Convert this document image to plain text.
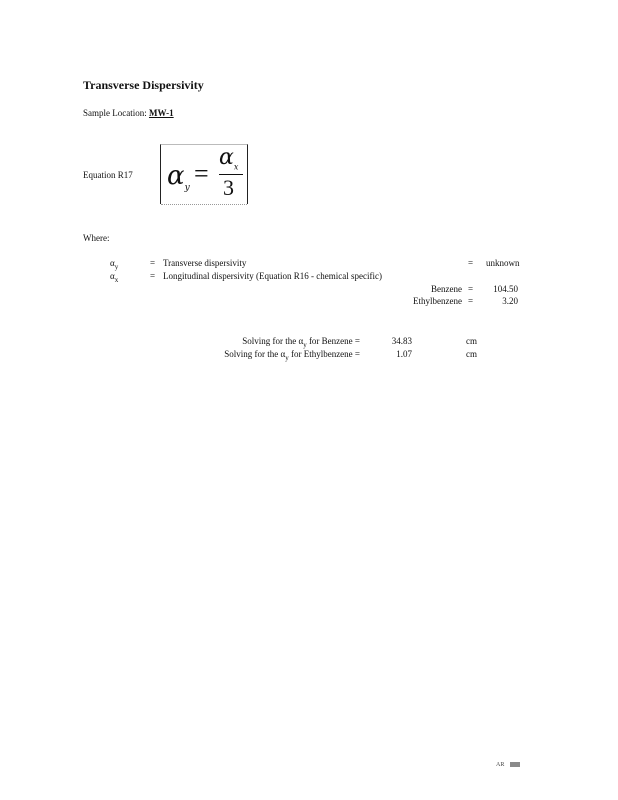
Transverse Dispersivity
Sample Location: MW-1
Equation R17 $\alpha_y$
=
$\alpha_x$
3
Where:
$\alpha_y$	= Transverse dispersivity	= unknown
$\alpha_x$	= Longitudinal dispersivity (Equation R16 - chemical specific)
Benzene = 104.50
Ethylbenzene =	3.20
Solving for the $\alpha_y$ for Benzene =	34.83	cm
Solving for the $\alpha_y$ for Ethylbenzene =	1.07	cm
AR
